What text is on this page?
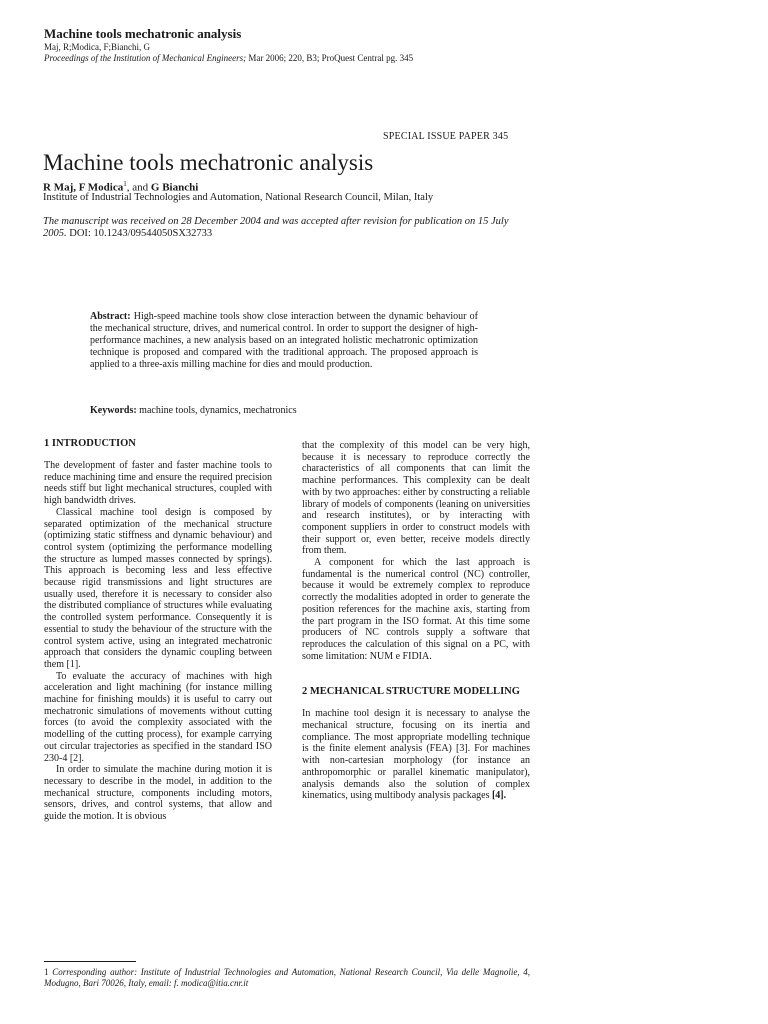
Machine tools mechatronic analysis
Maj, R;Modica, F;Bianchi, G
Proceedings of the Institution of Mechanical Engineers; Mar 2006; 220, B3; ProQuest Central pg. 345
SPECIAL ISSUE PAPER 345
Machine tools mechatronic analysis
R Maj, F Modica$^1$, and G Bianchi
Institute of Industrial Technologies and Automation, National Research Council, Milan, Italy
The manuscript was received on 28 December 2004 and was accepted after revision for publication on 15 July 2005. DOI: 10.1243/09544050SX32733
Abstract: High-speed machine tools show close interaction between the dynamic behaviour of the mechanical structure, drives, and numerical control. In order to support the designer of high-performance machines, a new analysis based on an integrated holistic mechatronic optimization technique is proposed and compared with the traditional approach. The proposed approach is applied to a three-axis milling machine for dies and mould production.
Keywords: machine tools, dynamics, mechatronics
1 INTRODUCTION

The development of faster and faster machine tools to reduce machining time and ensure the required precision needs stiff but light mechanical structures, coupled with high bandwidth drives.

Classical machine tool design is composed by separated optimization of the mechanical structure (optimizing static stiffness and dynamic behaviour) and control system (optimizing the performance modelling the structure as lumped masses connected by springs). This approach is becoming less and less effective because rigid transmissions and light structures are usually used, therefore it is necessary to consider also the distributed compliance of structures while evaluating the controlled system performance. Consequently it is essential to study the behaviour of the structure with the control system active, using an integrated mechatronic approach that considers the dynamic coupling between them [1].

To evaluate the accuracy of machines with high acceleration and light machining (for instance milling machine for finishing moulds) it is useful to carry out mechatronic simulations of movements without cutting forces (to avoid the complexity associated with the modelling of the cutting process), for example carrying out circular trajectories as specified in the standard ISO 230-4 [2].

In order to simulate the machine during motion it is necessary to describe in the model, in addition to the mechanical structure, components including motors, sensors, drives, and control systems, that allow and guide the motion. It is obvious

that the complexity of this model can be very high, because it is necessary to reproduce correctly the characteristics of all components that can limit the machine performances. This complexity can be dealt with by two approaches: either by constructing a reliable library of models of components (leaning on universities and research institutes), or by interacting with component suppliers in order to construct models with their support or, even better, receive models directly from them.

A component for which the last approach is fundamental is the numerical control (NC) controller, because it would be extremely complex to reproduce correctly the modalities adopted in order to generate the position references for the machine axis, starting from the part program in the ISO format. At this time some producers of NC controls supply a software that reproduces the calculation of this signal on a PC, with some limitation: NUM e FIDIA.

2 MECHANICAL STRUCTURE MODELLING

In machine tool design it is necessary to analyse the mechanical structure, focusing on its inertia and compliance. The most appropriate modelling technique is the finite element analysis (FEA) [3]. For machines with non-cartesian morphology (for instance an anthropomorphic or parallel kinematic manipulator), analysis demands also the solution of complex kinematics, using multibody analysis packages [4].

1 Corresponding author: Institute of Industrial Technologies and Automation, National Research Council, Via delle Magnolie, 4, Modugno, Bari 70026, Italy, email: f. modica@itia.cnr.it
